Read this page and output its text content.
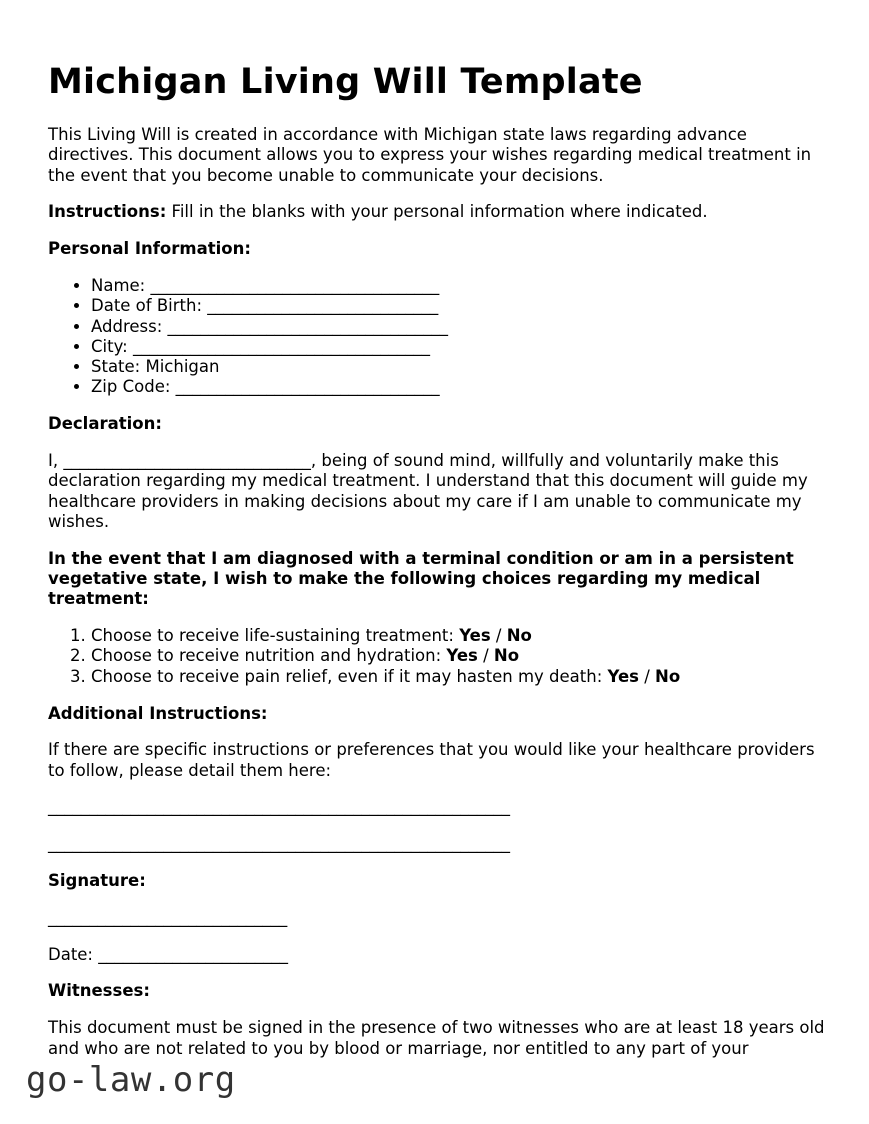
Michigan Living Will Template

This Living Will is created in accordance with Michigan state laws regarding advance directives. This document allows you to express your wishes regarding medical treatment in the event that you become unable to communicate your decisions.

Instructions: Fill in the blanks with your personal information where indicated.

Personal Information:

• Name: ___________________________________
• Date of Birth: ____________________________
• Address: __________________________________
• City: ____________________________________
• State: Michigan
• Zip Code: ________________________________

Declaration:

I, ______________________________, being of sound mind, willfully and voluntarily make this declaration regarding my medical treatment. I understand that this document will guide my healthcare providers in making decisions about my care if I am unable to communicate my wishes.

In the event that I am diagnosed with a terminal condition or am in a persistent vegetative state, I wish to make the following choices regarding my medical treatment:

1. Choose to receive life-sustaining treatment: Yes / No
2. Choose to receive nutrition and hydration: Yes / No
3. Choose to receive pain relief, even if it may hasten my death: Yes / No

Additional Instructions:

If there are specific instructions or preferences that you would like your healthcare providers to follow, please detail them here:

________________________________________________________

________________________________________________________

Signature:

_____________________________

Date: _______________________

Witnesses:

This document must be signed in the presence of two witnesses who are at least 18 years old and who are not related to you by blood or marriage, nor entitled to any part of your

go-law.org
